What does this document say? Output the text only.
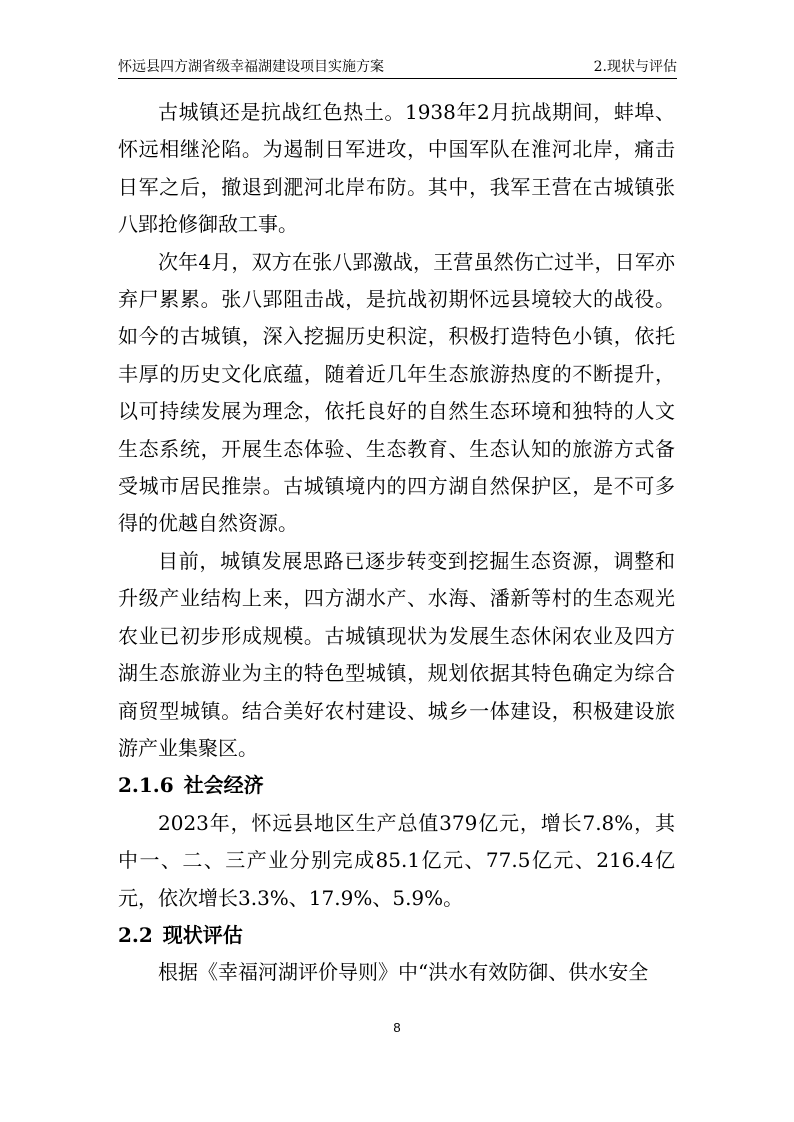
怀远县四方湖省级幸福湖建设项目实施方案	2.现状与评估

古城镇还是抗战红色热土。1938年2月抗战期间，蚌埠、怀远相继沦陷。为遏制日军进攻，中国军队在淮河北岸，痛击日军之后，撤退到淝河北岸布防。其中，我军王营在古城镇张八郢抢修御敌工事。

次年4月，双方在张八郢激战，王营虽然伤亡过半，日军亦弃尸累累。张八郢阻击战，是抗战初期怀远县境较大的战役。如今的古城镇，深入挖掘历史积淀，积极打造特色小镇，依托丰厚的历史文化底蕴，随着近几年生态旅游热度的不断提升，以可持续发展为理念，依托良好的自然生态环境和独特的人文生态系统，开展生态体验、生态教育、生态认知的旅游方式备受城市居民推崇。古城镇境内的四方湖自然保护区，是不可多得的优越自然资源。

目前，城镇发展思路已逐步转变到挖掘生态资源，调整和升级产业结构上来，四方湖水产、水海、潘新等村的生态观光农业已初步形成规模。古城镇现状为发展生态休闲农业及四方湖生态旅游业为主的特色型城镇，规划依据其特色确定为综合商贸型城镇。结合美好农村建设、城乡一体建设，积极建设旅游产业集聚区。

2.1.6 社会经济

2023年，怀远县地区生产总值379亿元，增长7.8%，其中一、二、三产业分别完成85.1亿元、77.5亿元、216.4亿元，依次增长3.3%、17.9%、5.9%。

2.2 现状评估

根据《幸福河湖评价导则》中“洪水有效防御、供水安全

8
